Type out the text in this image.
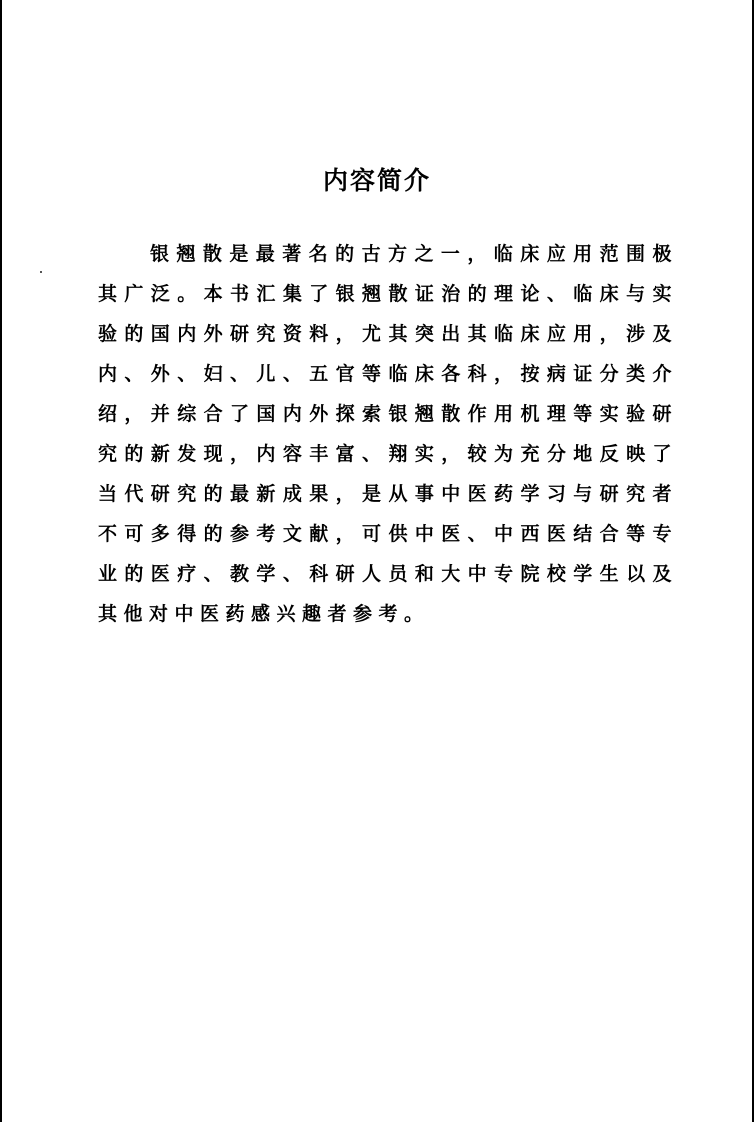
内容简介
银翘散是最著名的古方之一，临床应用范围极其广泛。本书汇集了银翘散证治的理论、临床与实验的国内外研究资料，尤其突出其临床应用，涉及内、外、妇、儿、五官等临床各科，按病证分类介绍，并综合了国内外探索银翘散作用机理等实验研究的新发现，内容丰富、翔实，较为充分地反映了当代研究的最新成果，是从事中医药学习与研究者不可多得的参考文献，可供中医、中西医结合等专业的医疗、教学、科研人员和大中专院校学生以及其他对中医药感兴趣者参考。
